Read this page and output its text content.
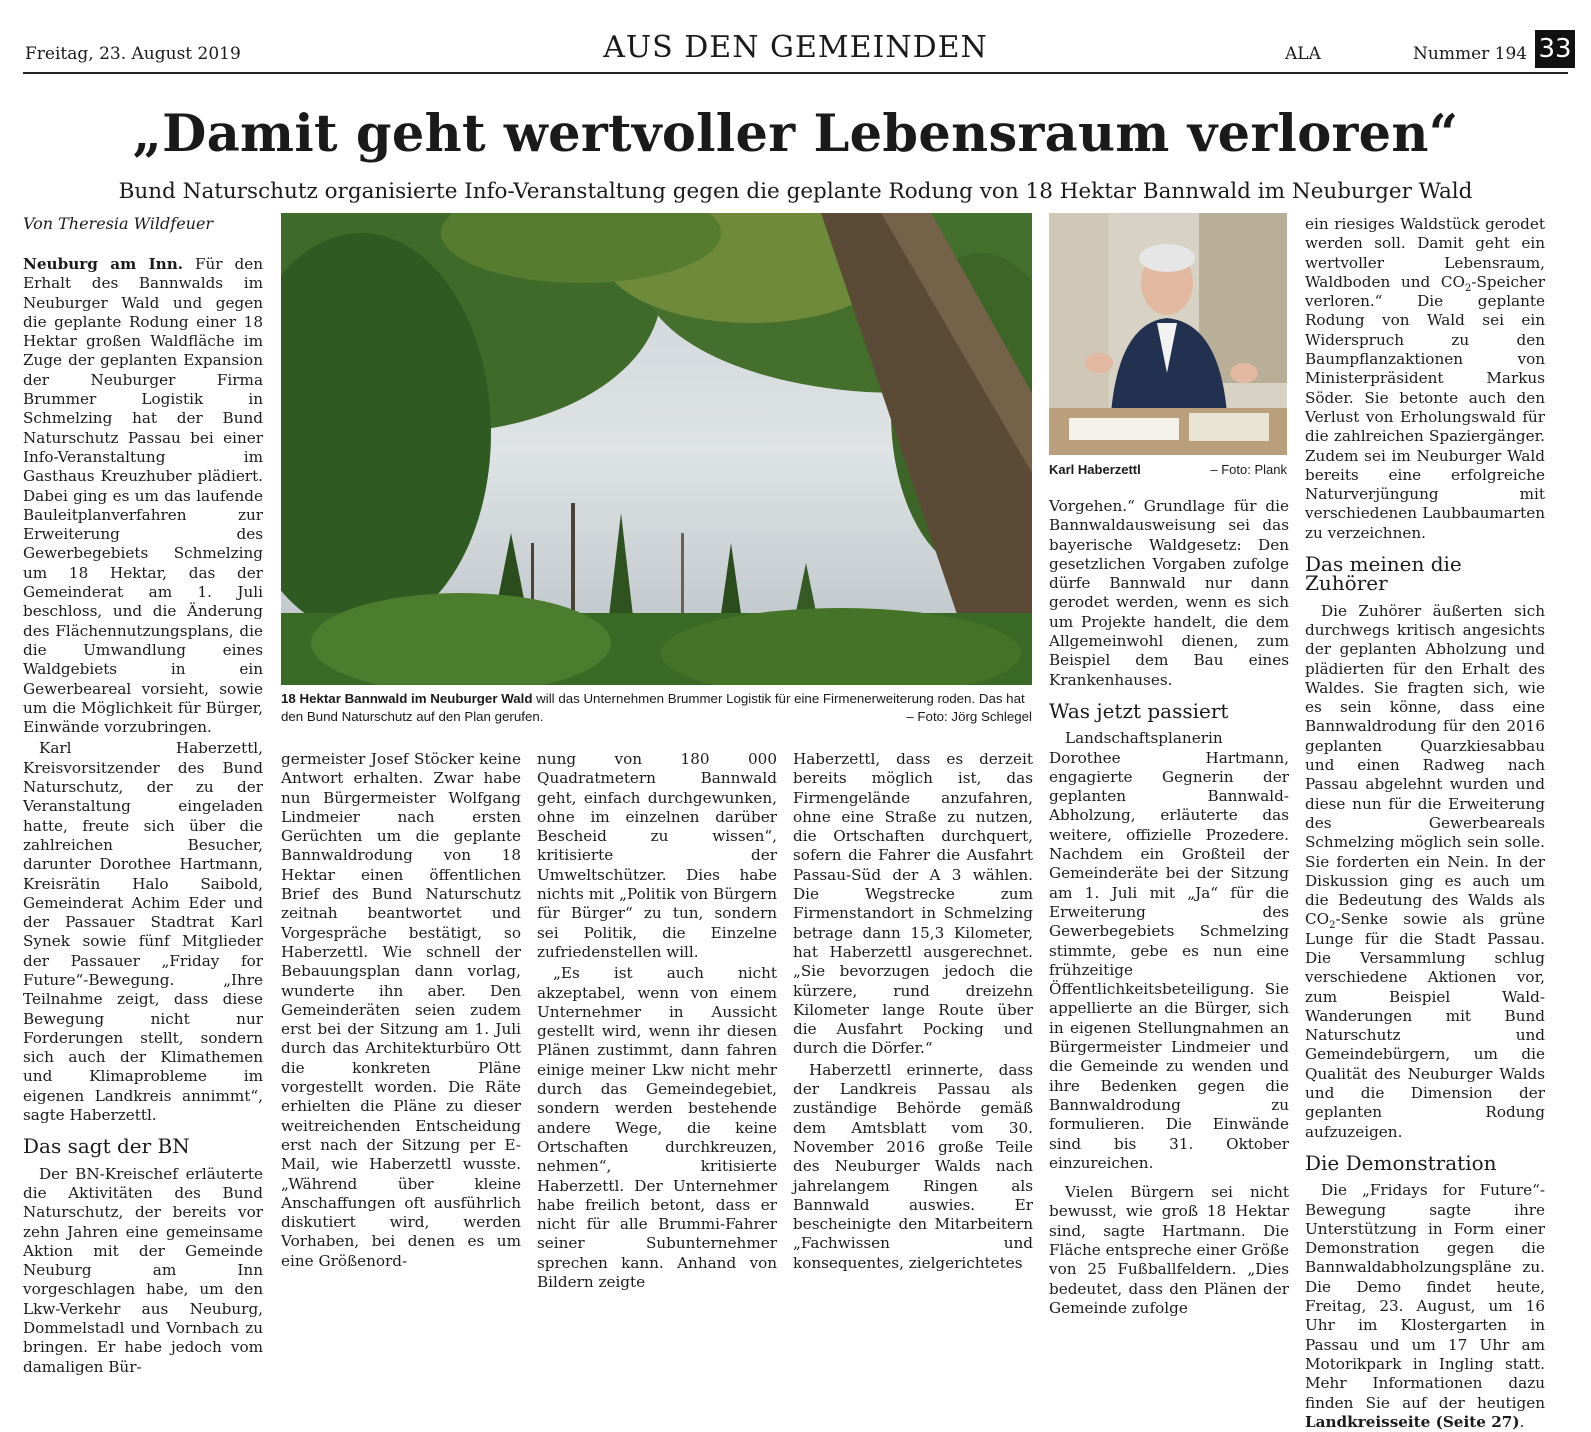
Freitag, 23. August 2019	AUS DEN GEMEINDEN	ALA	Nummer 194 33
„Damit geht wertvoller Lebensraum verloren“
Bund Naturschutz organisierte Info-Veranstaltung gegen die geplante Rodung von 18 Hektar Bannwald im Neuburger Wald
Von Theresia Wildfeuer

Neuburg am Inn. Für den Erhalt des Bannwalds im Neuburger Wald und gegen die geplante Rodung einer 18 Hektar großen Waldfläche im Zuge der geplanten Expansion der Neuburger Firma Brummer Logistik in Schmelzing hat der Bund Naturschutz Passau bei einer Info-Veranstaltung im Gasthaus Kreuzhuber plädiert. Dabei ging es um das laufende Bauleitplanverfahren zur Erweiterung des Gewerbegebiets Schmelzing um 18 Hektar, das der Gemeinderat am 1. Juli beschloss, und die Änderung des Flächennutzungsplans, die die Umwandlung eines Waldgebiets in ein Gewerbeareal vorsieht, sowie um die Möglichkeit für Bürger, Einwände vorzubringen.

Karl Haberzettl, Kreisvorsitzender des Bund Naturschutz, der zu der Veranstaltung eingeladen hatte, freute sich über die zahlreichen Besucher, darunter Dorothee Hartmann, Kreisrätin Halo Saibold, Gemeinderat Achim Eder und der Passauer Stadtrat Karl Synek sowie fünf Mitglieder der Passauer „Friday for Future“-Bewegung. „Ihre Teilnahme zeigt, dass diese Bewegung nicht nur Forderungen stellt, sondern sich auch der Klimathemen und Klimaprobleme im eigenen Landkreis annimmt“, sagte Haberzettl.

Das sagt der BN

Der BN-Kreischef erläuterte die Aktivitäten des Bund Naturschutz, der bereits vor zehn Jahren eine gemeinsame Aktion mit der Gemeinde Neuburg am Inn vorgeschlagen habe, um den Lkw-Verkehr aus Neuburg, Dommelstadl und Vornbach zu bringen. Er habe jedoch vom damaligen Bür-

18 Hektar Bannwald im Neuburger Wald will das Unternehmen Brummer Logistik für eine Firmenerweiterung roden. Das hat den Bund Naturschutz auf den Plan gerufen.	– Foto: Jörg Schlegel

germeister Josef Stöcker keine Antwort erhalten. Zwar habe nun Bürgermeister Wolfgang Lindmeier nach ersten Gerüchten um die geplante Bannwaldrodung von 18 Hektar einen öffentlichen Brief des Bund Naturschutz zeitnah beantwortet und Vorgespräche bestätigt, so Haberzettl. Wie schnell der Bebauungsplan dann vorlag, wunderte ihn aber. Den Gemeinderäten seien zudem erst bei der Sitzung am 1. Juli durch das Architekturbüro Ott die konkreten Pläne vorgestellt worden. Die Räte erhielten die Pläne zu dieser weitreichenden Entscheidung erst nach der Sitzung per E-Mail, wie Haberzettl wusste. „Während über kleine Anschaffungen oft ausführlich diskutiert wird, werden Vorhaben, bei denen es um eine Größenord-

nung von 180 000 Quadratmetern Bannwald geht, einfach durchgewunken, ohne im einzelnen darüber Bescheid zu wissen“, kritisierte der Umweltschützer. Dies habe nichts mit „Politik von Bürgern für Bürger“ zu tun, sondern sei Politik, die Einzelne zufriedenstellen will.

„Es ist auch nicht akzeptabel, wenn von einem Unternehmer in Aussicht gestellt wird, wenn ihr diesen Plänen zustimmt, dann fahren einige meiner Lkw nicht mehr durch das Gemeindegebiet, sondern werden bestehende andere Wege, die keine Ortschaften durchkreuzen, nehmen“, kritisierte Haberzettl. Der Unternehmer habe freilich betont, dass er nicht für alle Brummi-Fahrer seiner Subunternehmer sprechen kann. Anhand von Bildern zeigte

Haberzettl, dass es derzeit bereits möglich ist, das Firmengelände anzufahren, ohne eine Straße zu nutzen, die Ortschaften durchquert, sofern die Fahrer die Ausfahrt Passau-Süd der A 3 wählen. Die Wegstrecke zum Firmenstandort in Schmelzing betrage dann 15,3 Kilometer, hat Haberzettl ausgerechnet. „Sie bevorzugen jedoch die kürzere, rund dreizehn Kilometer lange Route über die Ausfahrt Pocking und durch die Dörfer.“

Haberzettl erinnerte, dass der Landkreis Passau als zuständige Behörde gemäß dem Amtsblatt vom 30. November 2016 große Teile des Neuburger Walds nach jahrelangem Ringen als Bannwald auswies. Er bescheinigte den Mitarbeitern „Fachwissen und konsequentes, zielgerichtetes

Karl Haberzettl	– Foto: Plank

Vorgehen.“ Grundlage für die Bannwaldausweisung sei das bayerische Waldgesetz: Den gesetzlichen Vorgaben zufolge dürfe Bannwald nur dann gerodet werden, wenn es sich um Projekte handelt, die dem Allgemeinwohl dienen, zum Beispiel dem Bau eines Krankenhauses.

Was jetzt passiert

Landschaftsplanerin Dorothee Hartmann, engagierte Gegnerin der geplanten Bannwald-Abholzung, erläuterte das weitere, offizielle Prozedere. Nachdem ein Großteil der Gemeinderäte bei der Sitzung am 1. Juli mit „Ja“ für die Erweiterung des Gewerbegebiets Schmelzing stimmte, gebe es nun eine frühzeitige Öffentlichkeitsbeteiligung. Sie appellierte an die Bürger, sich in eigenen Stellungnahmen an Bürgermeister Lindmeier und die Gemeinde zu wenden und ihre Bedenken gegen die Bannwaldrodung zu formulieren. Die Einwände sind bis 31. Oktober einzureichen.

Vielen Bürgern sei nicht bewusst, wie groß 18 Hektar sind, sagte Hartmann. Die Fläche entspreche einer Größe von 25 Fußballfeldern. „Dies bedeutet, dass den Plänen der Gemeinde zufolge

ein riesiges Waldstück gerodet werden soll. Damit geht ein wertvoller Lebensraum, Waldboden und $CO_2$-Speicher verloren.“ Die geplante Rodung von Wald sei ein Widerspruch zu den Baumpflanzaktionen von Ministerpräsident Markus Söder. Sie betonte auch den Verlust von Erholungswald für die zahlreichen Spaziergänger. Zudem sei im Neuburger Wald bereits eine erfolgreiche Naturverjüngung mit verschiedenen Laubbaumarten zu verzeichnen.

Das meinen die Zuhörer

Die Zuhörer äußerten sich durchwegs kritisch angesichts der geplanten Abholzung und plädierten für den Erhalt des Waldes. Sie fragten sich, wie es sein könne, dass eine Bannwaldrodung für den 2016 geplanten Quarzkiesabbau und einen Radweg nach Passau abgelehnt wurden und diese nun für die Erweiterung des Gewerbeareals Schmelzing möglich sein solle. Sie forderten ein Nein. In der Diskussion ging es auch um die Bedeutung des Walds als $CO_2$-Senke sowie als grüne Lunge für die Stadt Passau. Die Versammlung schlug verschiedene Aktionen vor, zum Beispiel Wald-Wanderungen mit Bund Naturschutz und Gemeindebürgern, um die Qualität des Neuburger Walds und die Dimension der geplanten Rodung aufzuzeigen.

Die Demonstration

Die „Fridays for Future“-Bewegung sagte ihre Unterstützung in Form einer Demonstration gegen die Bannwaldabholzungspläne zu. Die Demo findet heute, Freitag, 23. August, um 16 Uhr im Klostergarten in Passau und um 17 Uhr am Motorikpark in Ingling statt. Mehr Informationen dazu finden Sie auf der heutigen Landkreisseite (Seite 27).
